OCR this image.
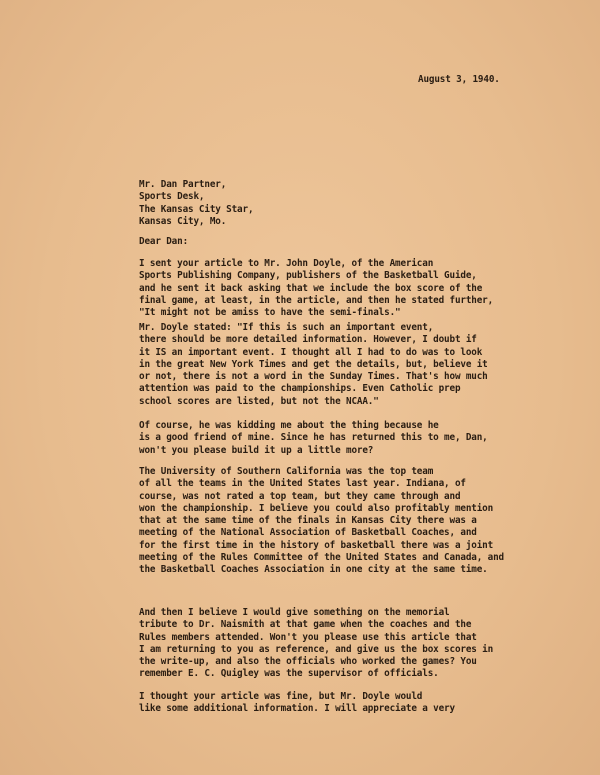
August 3, 1940.
Mr. Dan Partner,
Sports Desk,
The Kansas City Star,
Kansas City, Mo.
Dear Dan:
I sent your article to Mr. John Doyle, of the American
Sports Publishing Company, publishers of the Basketball Guide,
and he sent it back asking that we include the box score of the
final game, at least, in the article, and then he stated further,
"It might not be amiss to have the semi-finals."
Mr. Doyle stated: "If this is such an important event,
there should be more detailed information. However, I doubt if
it IS an important event. I thought all I had to do was to look
in the great New York Times and get the details, but, believe it
or not, there is not a word in the Sunday Times. That's how much
attention was paid to the championships. Even Catholic prep
school scores are listed, but not the NCAA."
Of course, he was kidding me about the thing because he
is a good friend of mine. Since he has returned this to me, Dan,
won't you please build it up a little more?
The University of Southern California was the top team
of all the teams in the United States last year. Indiana, of
course, was not rated a top team, but they came through and
won the championship. I believe you could also profitably mention
that at the same time of the finals in Kansas City there was a
meeting of the National Association of Basketball Coaches, and
for the first time in the history of basketball there was a joint
meeting of the Rules Committee of the United States and Canada, and
the Basketball Coaches Association in one city at the same time.
And then I believe I would give something on the memorial
tribute to Dr. Naismith at that game when the coaches and the
Rules members attended. Won't you please use this article that
I am returning to you as reference, and give us the box scores in
the write-up, and also the officials who worked the games? You
remember E. C. Quigley was the supervisor of officials.
I thought your article was fine, but Mr. Doyle would
like some additional information. I will appreciate a very
